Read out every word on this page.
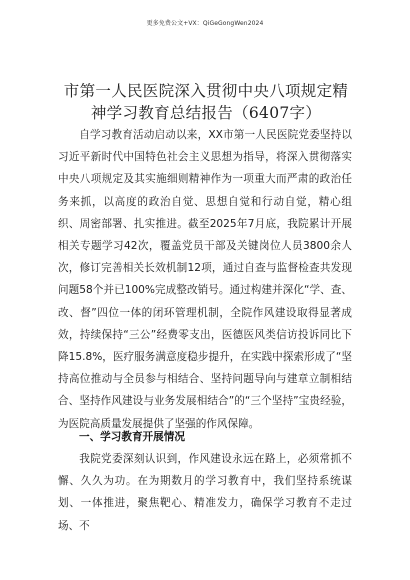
更多免费公文+VX：QiGeGongWen2024
市第一人民医院深入贯彻中央八项规定精神学习教育总结报告（6407字）

自学习教育活动启动以来，XX市第一人民医院党委坚持以习近平新时代中国特色社会主义思想为指导，将深入贯彻落实中央八项规定及其实施细则精神作为一项重大而严肃的政治任务来抓，以高度的政治自觉、思想自觉和行动自觉，精心组织、周密部署、扎实推进。截至2025年7月底，我院累计开展相关专题学习42次，覆盖党员干部及关键岗位人员3800余人次，修订完善相关长效机制12项，通过自查与监督检查共发现问题58个并已100%完成整改销号。通过构建并深化“学、查、改、督”四位一体的闭环管理机制，全院作风建设取得显著成效，持续保持“三公”经费零支出，医德医风类信访投诉同比下降15.8%，医疗服务满意度稳步提升，在实践中探索形成了“坚持高位推动与全员参与相结合、坚持问题导向与建章立制相结合、坚持作风建设与业务发展相结合”的“三个坚持”宝贵经验，为医院高质量发展提供了坚强的作风保障。

一、学习教育开展情况

我院党委深刻认识到，作风建设永远在路上，必须常抓不懈、久久为功。在为期数月的学习教育中，我们坚持系统谋划、一体推进，聚焦靶心、精准发力，确保学习教育不走过场、不
